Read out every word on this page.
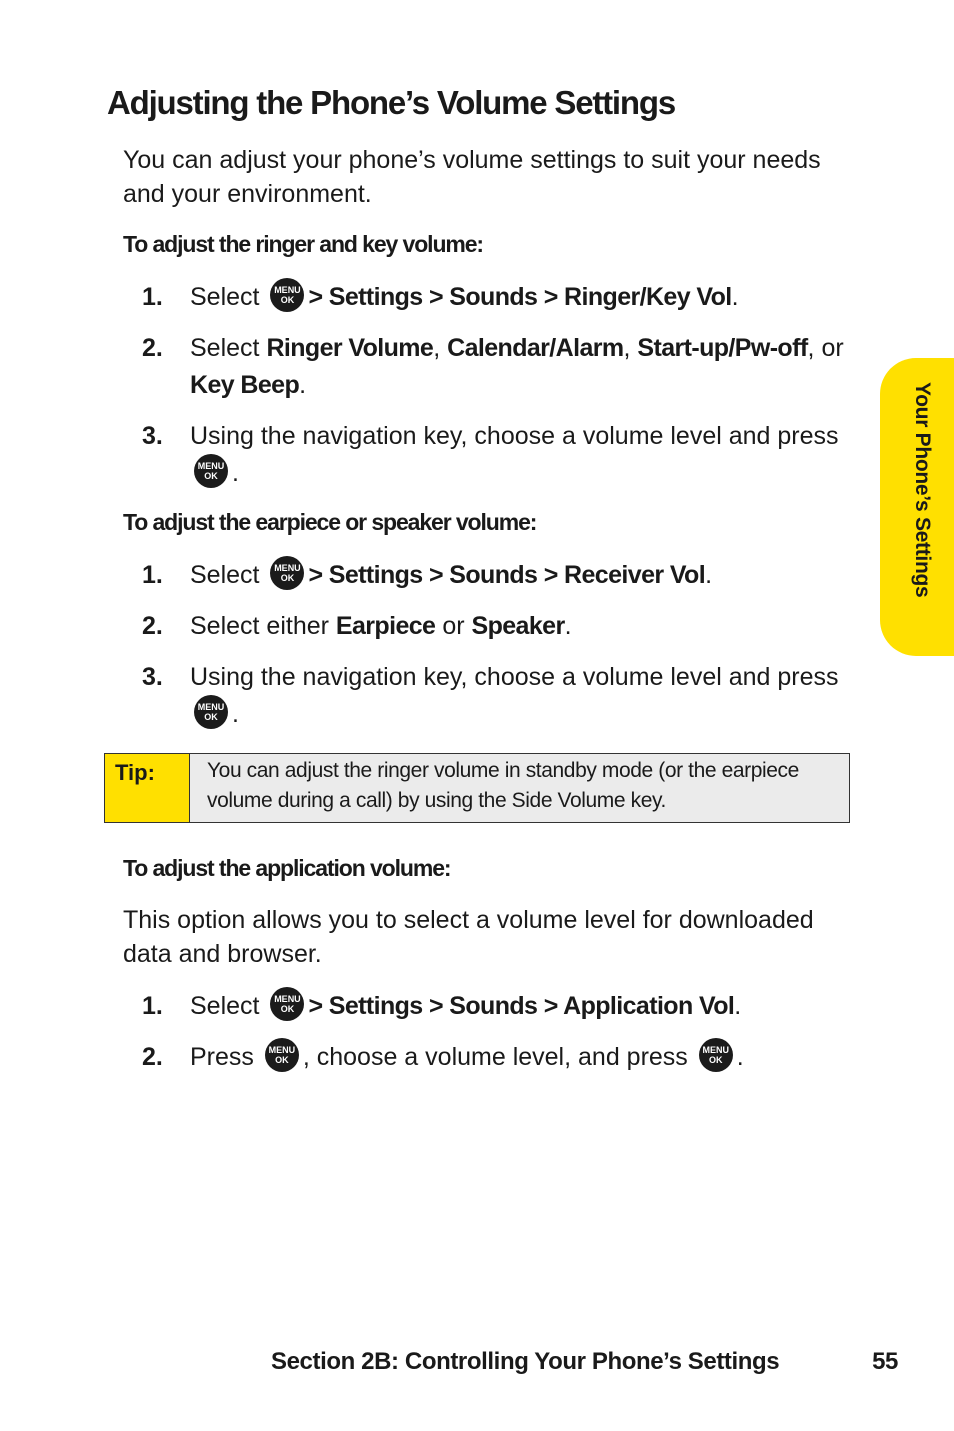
Adjusting the Phone’s Volume Settings

You can adjust your phone’s volume settings to suit your needs and your environment.

To adjust the ringer and key volume:
1.	Select	MENU
OK > Settings > Sounds > Ringer/Key Vol.
2.	Select Ringer Volume, Calendar/Alarm, Start-up/Pw-off, or Key Beep.
3.	Using the navigation key, choose a volume level and press
MENU
OK .
To adjust the earpiece or speaker volume:
1.	Select	MENU
OK > Settings > Sounds > Receiver Vol.
2.	Select either Earpiece or Speaker.
3.	Using the navigation key, choose a volume level and press
MENU
OK .
Tip:	You can adjust the ringer volume in standby mode (or the earpiece volume during a call) by using the Side Volume key.
To adjust the application volume:

This option allows you to select a volume level for downloaded data and browser.

1.	Select	MENU
OK > Settings > Sounds > Application Vol.
2.	Press	MENU
OK , choose a volume level, and press	MENU
OK .
Your Phone’s Settings
Section 2B: Controlling Your Phone’s Settings	55
